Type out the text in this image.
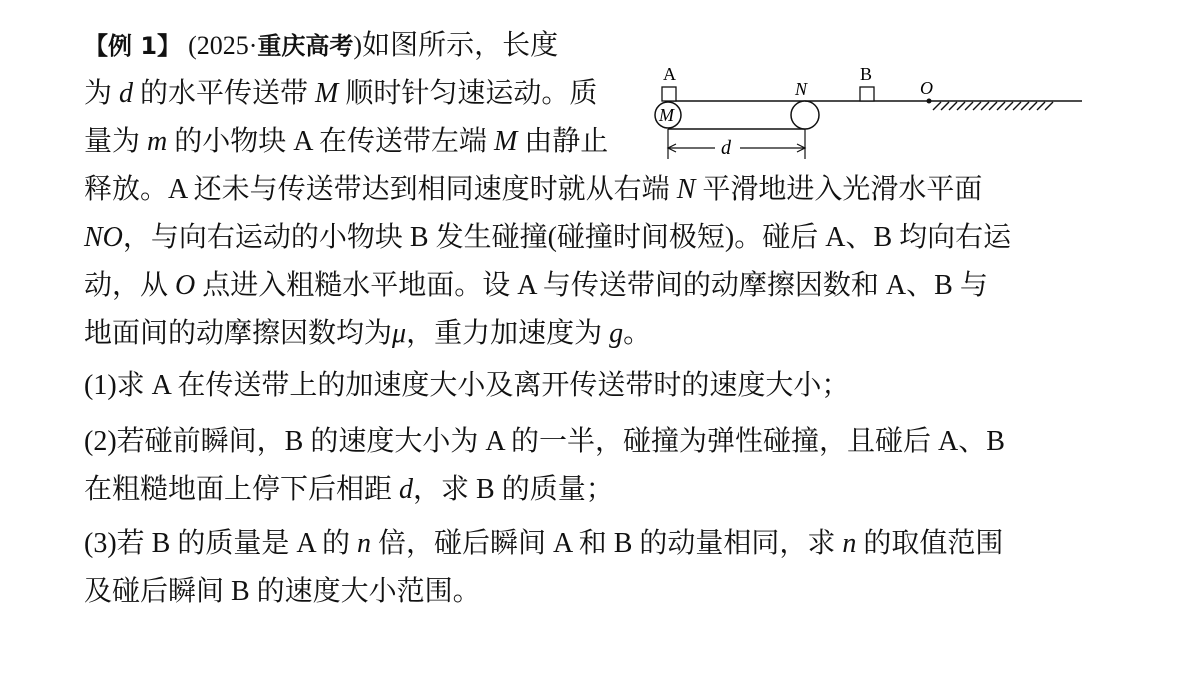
【例 1】 (2025·重庆高考)如图所示，长度
为 d 的水平传送带 M 顺时针匀速运动。质
量为 m 的小物块 A 在传送带左端 M 由静止
A	B
M
N	O
d
释放。A 还未与传送带达到相同速度时就从右端 N 平滑地进入光滑水平面
NO，与向右运动的小物块 B 发生碰撞(碰撞时间极短)。碰后 A、B 均向右运
动，从 O 点进入粗糙水平地面。设 A 与传送带间的动摩擦因数和 A、B 与
地面间的动摩擦因数均为μ，重力加速度为 g。
(1)求 A 在传送带上的加速度大小及离开传送带时的速度大小；
(2)若碰前瞬间，B 的速度大小为 A 的一半，碰撞为弹性碰撞，且碰后 A、B
在粗糙地面上停下后相距 d，求 B 的质量；
(3)若 B 的质量是 A 的 n 倍，碰后瞬间 A 和 B 的动量相同，求 n 的取值范围
及碰后瞬间 B 的速度大小范围。
